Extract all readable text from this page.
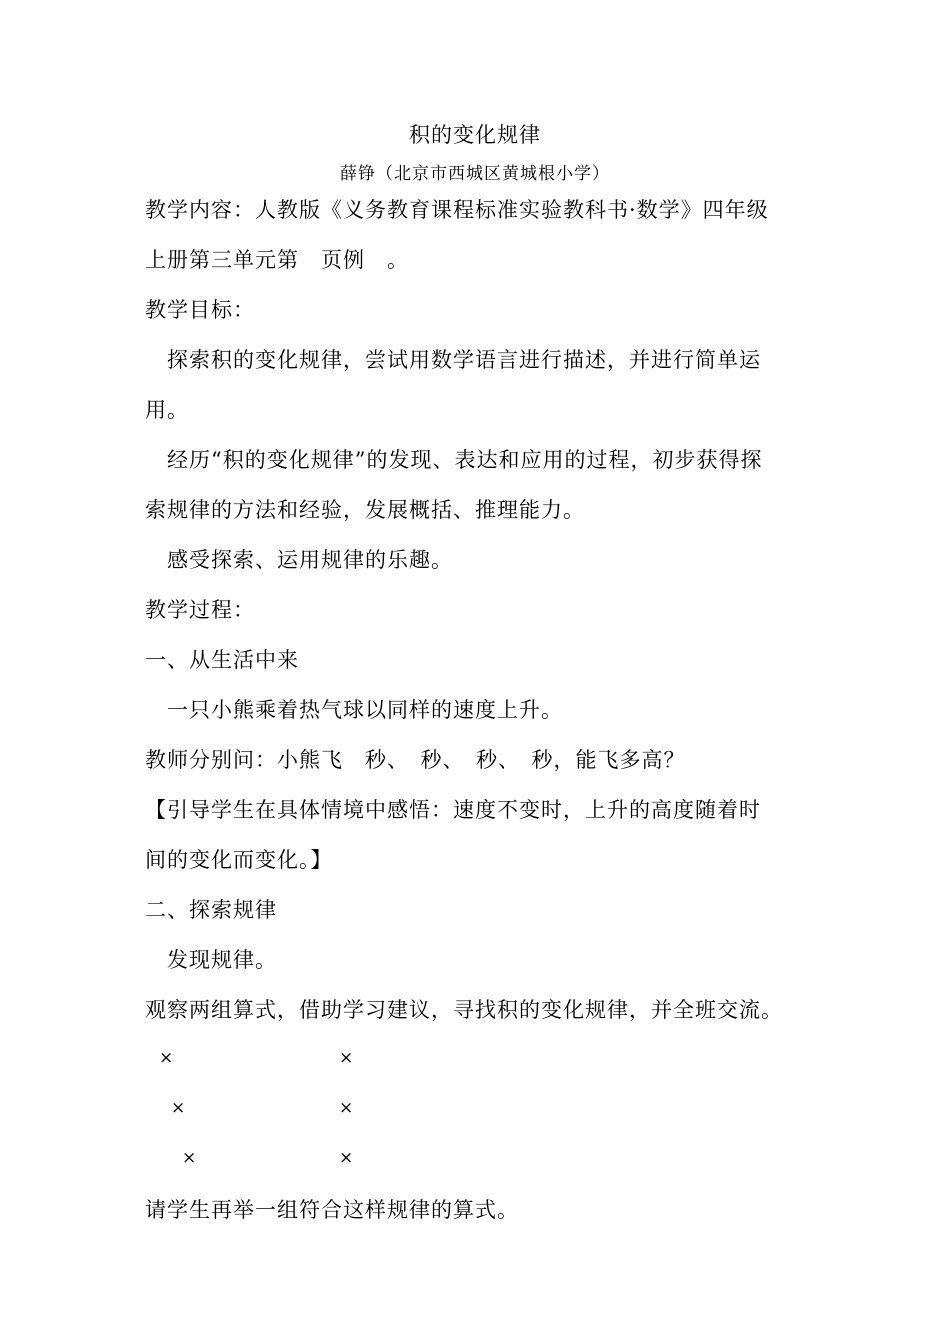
积的变化规律
薛铮（北京市西城区黄城根小学）
教学内容：人教版《义务教育课程标准实验教科书·数学》四年级
上册第三单元第　页例　。
教学目标：
探索积的变化规律，尝试用数学语言进行描述，并进行简单运
用。
经历“积的变化规律”的发现、表达和应用的过程，初步获得探
索规律的方法和经验，发展概括、推理能力。
感受探索、运用规律的乐趣。
教学过程：
一、从生活中来
一只小熊乘着热气球以同样的速度上升。
教师分别问：小熊飞　秒、　秒、　秒、　秒，能飞多高？
【引导学生在具体情境中感悟：速度不变时，上升的高度随着时
间的变化而变化。】
二、探索规律
发现规律。
观察两组算式，借助学习建议，寻找积的变化规律，并全班交流。
×	×
×	×
×	×
请学生再举一组符合这样规律的算式。
